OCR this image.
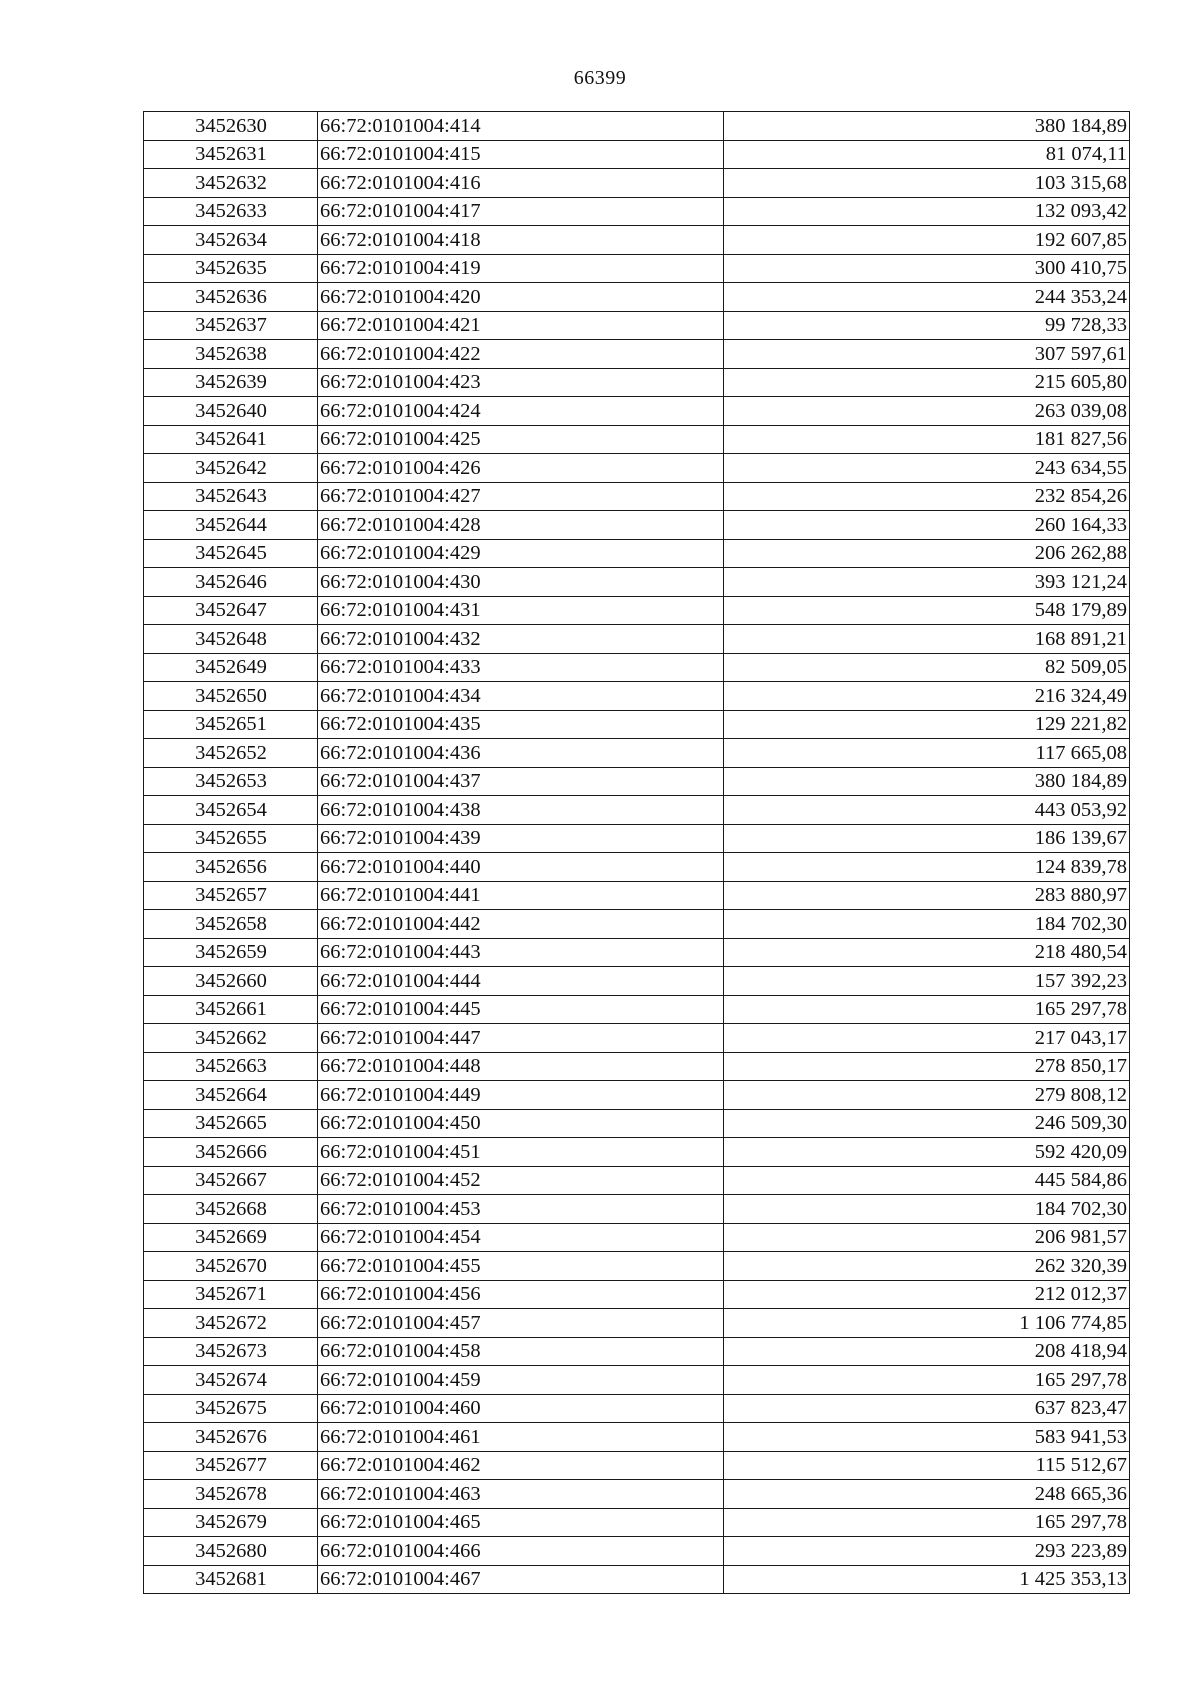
66399
3452630	66:72:0101004:414	380 184,89
3452631	66:72:0101004:415	81 074,11
3452632	66:72:0101004:416	103 315,68
3452633	66:72:0101004:417	132 093,42
3452634	66:72:0101004:418	192 607,85
3452635	66:72:0101004:419	300 410,75
3452636	66:72:0101004:420	244 353,24
3452637	66:72:0101004:421	99 728,33
3452638	66:72:0101004:422	307 597,61
3452639	66:72:0101004:423	215 605,80
3452640	66:72:0101004:424	263 039,08
3452641	66:72:0101004:425	181 827,56
3452642	66:72:0101004:426	243 634,55
3452643	66:72:0101004:427	232 854,26
3452644	66:72:0101004:428	260 164,33
3452645	66:72:0101004:429	206 262,88
3452646	66:72:0101004:430	393 121,24
3452647	66:72:0101004:431	548 179,89
3452648	66:72:0101004:432	168 891,21
3452649	66:72:0101004:433	82 509,05
3452650	66:72:0101004:434	216 324,49
3452651	66:72:0101004:435	129 221,82
3452652	66:72:0101004:436	117 665,08
3452653	66:72:0101004:437	380 184,89
3452654	66:72:0101004:438	443 053,92
3452655	66:72:0101004:439	186 139,67
3452656	66:72:0101004:440	124 839,78
3452657	66:72:0101004:441	283 880,97
3452658	66:72:0101004:442	184 702,30
3452659	66:72:0101004:443	218 480,54
3452660	66:72:0101004:444	157 392,23
3452661	66:72:0101004:445	165 297,78
3452662	66:72:0101004:447	217 043,17
3452663	66:72:0101004:448	278 850,17
3452664	66:72:0101004:449	279 808,12
3452665	66:72:0101004:450	246 509,30
3452666	66:72:0101004:451	592 420,09
3452667	66:72:0101004:452	445 584,86
3452668	66:72:0101004:453	184 702,30
3452669	66:72:0101004:454	206 981,57
3452670	66:72:0101004:455	262 320,39
3452671	66:72:0101004:456	212 012,37
3452672	66:72:0101004:457	1 106 774,85
3452673	66:72:0101004:458	208 418,94
3452674	66:72:0101004:459	165 297,78
3452675	66:72:0101004:460	637 823,47
3452676	66:72:0101004:461	583 941,53
3452677	66:72:0101004:462	115 512,67
3452678	66:72:0101004:463	248 665,36
3452679	66:72:0101004:465	165 297,78
3452680	66:72:0101004:466	293 223,89
3452681	66:72:0101004:467	1 425 353,13
